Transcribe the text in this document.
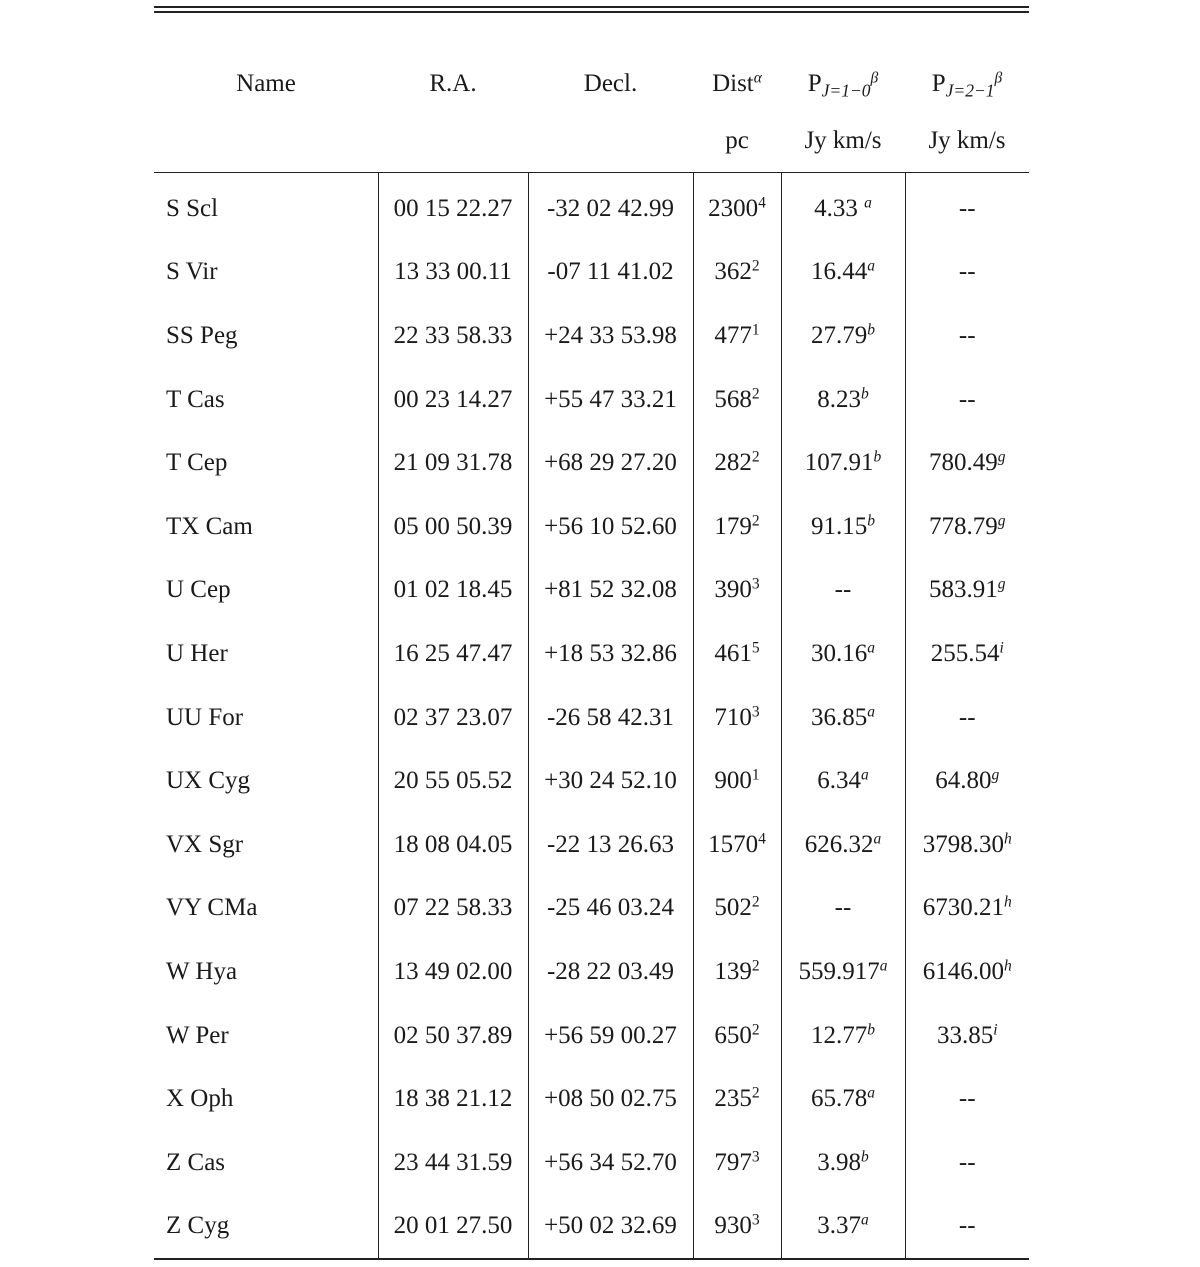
Name	R.A.	Decl.	Dist$^\alpha$	$P_{J=1-0}^\beta$	$P_{J=2-1}^\beta$
			pc	Jy km/s	Jy km/s
S Scl	00 15 22.27	-32 02 42.99	2300$^4$	4.33 $^a$	--
S Vir	13 33 00.11	-07 11 41.02	$362^2$	16.44$^a$	--
SS Peg	22 33 58.33	+24 33 53.98	$477^1$	27.79$^b$	--
T Cas	00 23 14.27	+55 47 33.21	$568^2$	8.23$^b$	--
T Cep	21 09 31.78	+68 29 27.20	$282^2$	107.91$^b$	780.49$^g$
TX Cam	05 00 50.39	+56 10 52.60	$179^2$	91.15$^b$	778.79$^g$
U Cep	01 02 18.45	+81 52 32.08	$390^3$	--	583.91$^g$
U Her	16 25 47.47	+18 53 32.86	$461^5$	30.16$^a$	255.54$^i$
UU For	02 37 23.07	-26 58 42.31	$710^3$	36.85$^a$	--
UX Cyg	20 55 05.52	+30 24 52.10	$900^1$	6.34$^a$	64.80$^g$
VX Sgr	18 08 04.05	-22 13 26.63	1570$^4$	626.32$^a$	3798.30$^h$
VY CMa	07 22 58.33	-25 46 03.24	$502^2$	--	6730.21$^h$
W Hya	13 49 02.00	-28 22 03.49	$139^2$	559.917$^a$	6146.00$^h$
W Per	02 50 37.89	+56 59 00.27	$650^2$	12.77$^b$	33.85$^i$
X Oph	18 38 21.12	+08 50 02.75	$235^2$	65.78$^a$	--
Z Cas	23 44 31.59	+56 34 52.70	$797^3$	3.98$^b$	--
Z Cyg	20 01 27.50	+50 02 32.69	$930^3$	3.37$^a$	--
